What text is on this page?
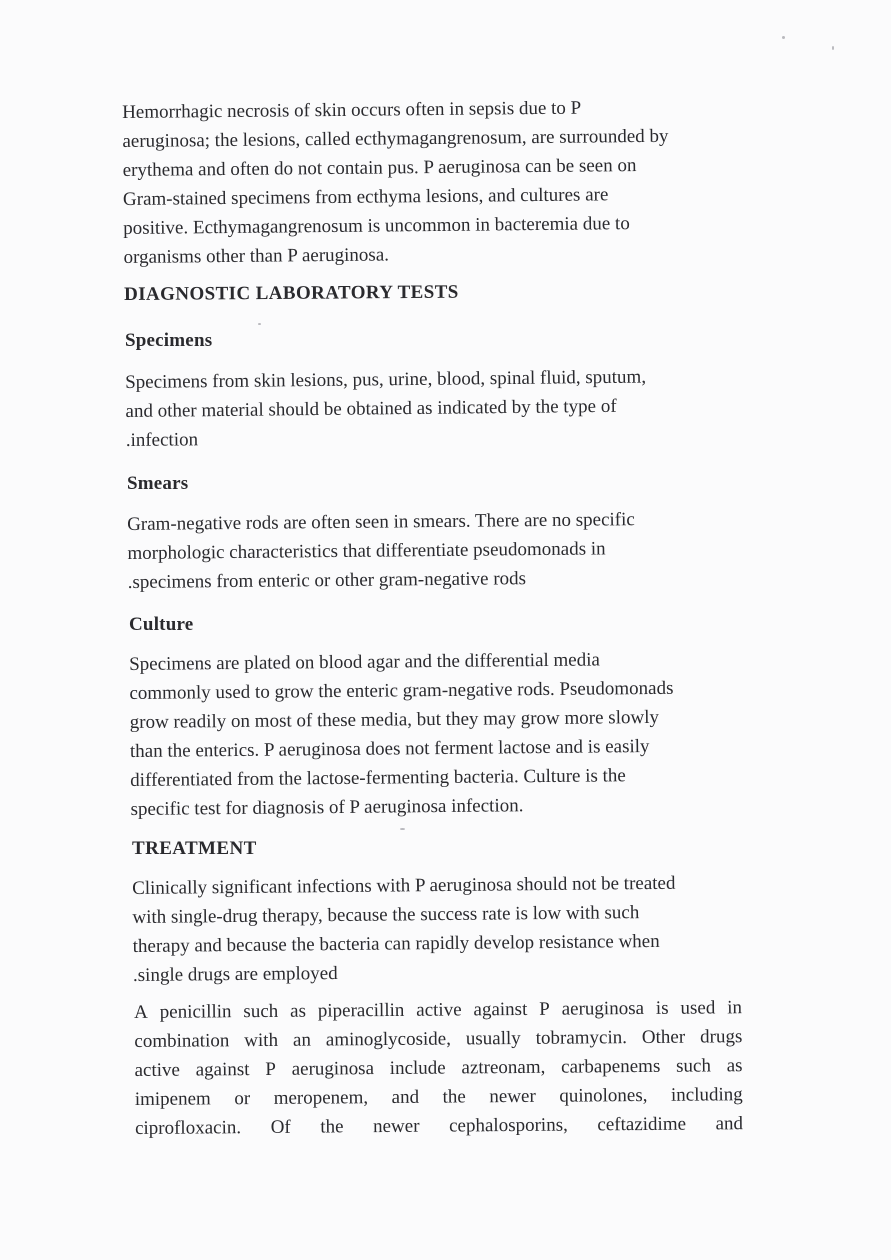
Hemorrhagic necrosis of skin occurs often in sepsis due to P
aeruginosa; the lesions, called ecthymagangrenosum, are surrounded by
erythema and often do not contain pus. P aeruginosa can be seen on
Gram-stained specimens from ecthyma lesions, and cultures are
positive. Ecthymagangrenosum is uncommon in bacteremia due to
organisms other than P aeruginosa.
DIAGNOSTIC LABORATORY TESTS
Specimens
Specimens from skin lesions, pus, urine, blood, spinal fluid, sputum,
and other material should be obtained as indicated by the type of
.infection
Smears
Gram-negative rods are often seen in smears. There are no specific
morphologic characteristics that differentiate pseudomonads in
.specimens from enteric or other gram-negative rods
Culture
Specimens are plated on blood agar and the differential media
commonly used to grow the enteric gram-negative rods. Pseudomonads
grow readily on most of these media, but they may grow more slowly
than the enterics. P aeruginosa does not ferment lactose and is easily
differentiated from the lactose-fermenting bacteria. Culture is the
specific test for diagnosis of P aeruginosa infection.
TREATMENT
Clinically significant infections with P aeruginosa should not be treated
with single-drug therapy, because the success rate is low with such
therapy and because the bacteria can rapidly develop resistance when
.single drugs are employed
A penicillin such as piperacillin active against P aeruginosa is used in
combination with an aminoglycoside, usually tobramycin. Other drugs
active against P aeruginosa include aztreonam, carbapenems such as
imipenem or meropenem, and the newer quinolones, including
ciprofloxacin. Of the newer cephalosporins, ceftazidime and
